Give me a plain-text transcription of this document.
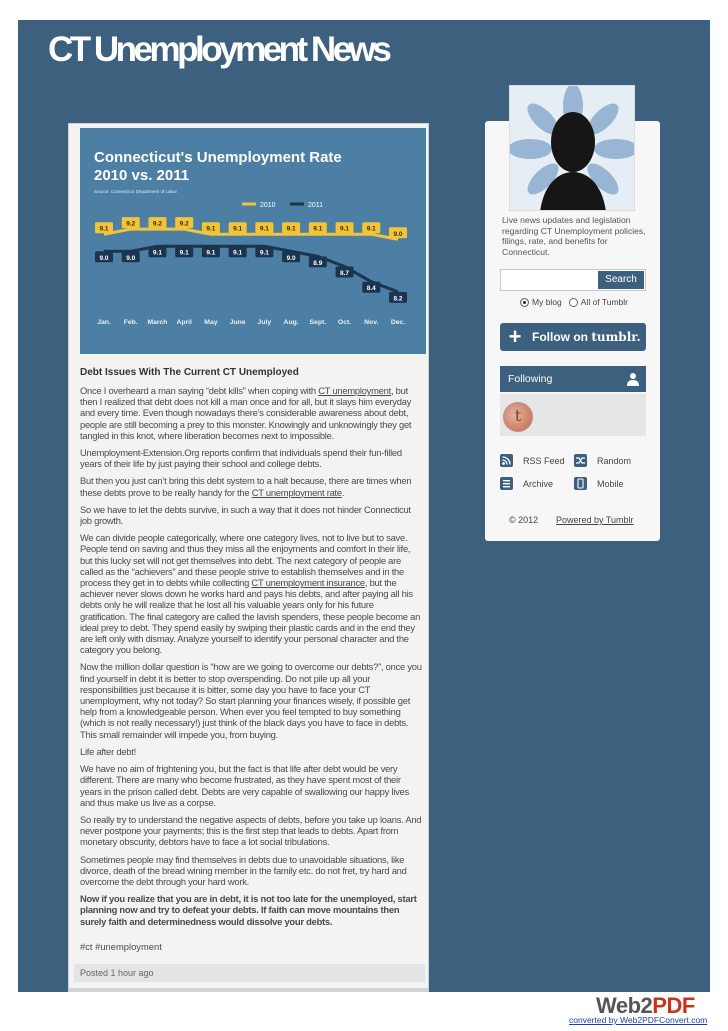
CT Unemployment News
Connecticut's Unemployment Rate
2010 vs. 2011
Source: Connecticut Department of Labor
2010	2011
9.1
9.2	9.2	9.2
9.1	9.1	9.1	9.1	9.1	9.1	9.1
9.0
9.0	9.0
9.1	9.1	9.1	9.1	9.1
9.0
8.9
8.7
8.4
8.2
Jan. Feb. March April May June July Aug. Sept. Oct. Nov. Dec.
Debt Issues With The Current CT Unemployed

Once I overheard a man saying “debt kills” when coping with CT unemployment, but then I realized that debt does not kill a man once and for all, but it slays him everyday and every time. Even though nowadays there’s considerable awareness about debt, people are still becoming a prey to this monster. Knowingly and unknowingly they get tangled in this knot, where liberation becomes next to impossible.

Unemployment-Extension.Org reports confirm that individuals spend their fun-filled years of their life by just paying their school and college debts.

But then you just can’t bring this debt system to a halt because, there are times when these debts prove to be really handy for the CT unemployment rate.

So we have to let the debts survive, in such a way that it does not hinder Connecticut job growth.

We can divide people categorically, where one category lives, not to live but to save. People tend on saving and thus they miss all the enjoyments and comfort in their life, but this lucky set will not get themselves into debt. The next category of people are called as the “achievers” and these people strive to establish themselves and in the process they get in to debts while collecting CT unemployment insurance, but the achiever never slows down he works hard and pays his debts, and after paying all his debts only he will realize that he lost all his valuable years only for his future gratification. The final category are called the lavish spenders, these people become an ideal prey to debt. They spend easily by swiping their plastic cards and in the end they are left only with dismay. Analyze yourself to identify your personal character and the category you belong.

Now the million dollar question is “how are we going to overcome our debts?”, once you find yourself in debt it is better to stop overspending. Do not pile up all your responsibilities just because it is bitter, some day you have to face your CT unemployment, why not today? So start planning your finances wisely, if possible get help from a knowledgeable person. When ever you feel tempted to buy something (which is not really necessary!) just think of the black days you have to face in debts. This small remainder will impede you, from buying.

Life after debt!

We have no aim of frightening you, but the fact is that life after debt would be very different. There are many who become frustrated, as they have spent most of their years in the prison called debt. Debts are very capable of swallowing our happy lives and thus make us live as a corpse.

So really try to understand the negative aspects of debts, before you take up loans. And never postpone your payments; this is the first step that leads to debts. Apart from monetary obscurity, debtors have to face a lot social tribulations.

Sometimes people may find themselves in debts due to unavoidable situations, like divorce, death of the bread wining member in the family etc. do not fret, try hard and overcome the debt through your hard work.

Now if you realize that you are in debt, it is not too late for the unemployed, start planning now and try to defeat your debts. If faith can move mountains then surely faith and determinedness would dissolve your debts.

#ct #unemployment
Posted 1 hour ago
Live news updates and legislation regarding CT Unemployment policies, filings, rate, and benefits for Connecticut.
Search
My blog All of Tumblr
+ Follow on tumblr.
Following
t
RSS Feed	Random
Archive	Mobile
© 2012 Powered by Tumblr
Web2PDF
converted by Web2PDFConvert.com
